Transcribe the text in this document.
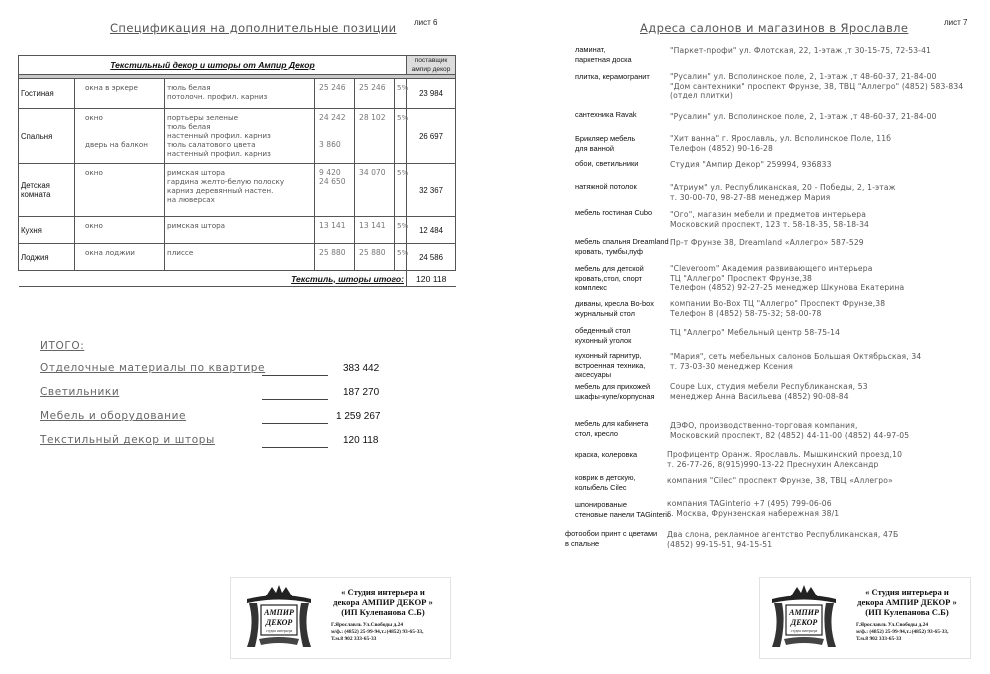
Спецификация на дополнительные позиции лист 6
Текстильный декор и шторы от Ампир Декор						поставщик
ампир декор

Гостиная	окна в эркере	тюль белая
потолочн. профил. карниз	25 246	25 246	5%	23 984
Спальня	окно

дверь на балкон	портьеры зеленые
тюль белая
настенный профил. карниз
тюль салатового цвета
настенный профил. карниз	24 242

3 860	28 102	5%	26 697
Детская комната	окно	римская штора
гардина желто-белую полоску
карниз деревянный настен.
на люверсах	9 420
24 650	34 070	5%	32 367
Кухня	окно	римская штора	13 141	13 141	5%	12 484
Лоджия	окна лоджии	плиссе	25 880	25 880	5%	24 586
Текстиль, шторы итого:						120 118
ИТОГО:
Отделочные материалы по квартире	383 442
Светильники	187 270
Мебель и оборудование	1 259 267
Текстильный декор и шторы	120 118
Адреса салонов и магазинов в Ярославле	лист 7
ламинат,
паркетная доска
"Паркет-профи" ул. Флотская, 22, 1-этаж ,т 30-15-75, 72-53-41
плитка, керамогранит	"Русалин" ул. Всполинское поле, 2, 1-этаж ,т 48-60-37, 21-84-00
"Дом сантехники" проспект Фрунзе, 38, ТВЦ "Аллегро" (4852) 583-834
(отдел плитки)
сантехника Ravak	"Русалин" ул. Всполинское поле, 2, 1-этаж ,т 48-60-37, 21-84-00
Брикляер мебель
для ванной
"Хит ванна" г. Ярославль, ул. Всполинское Поле, 11б
Телефон (4852) 90-16-28
обои, светильники	Студия "Ампир Декор" 259994, 936833
натяжной потолок	"Атриум" ул. Республиканская, 20 - Победы, 2, 1-этаж
т. 30-00-70, 98-27-88 менеджер Мария
мебель гостиная Cubo "Ого", магазин мебели и предметов интерьера
Московский проспект, 123 т. 58-18-35, 58-18-34
мебель спальня Dreamland
кровать, тумбы,пуф
Пр-т Фрунзе 38, Dreamland «Аллегро» 587-529
мебель для детской
кровать,стол, спорт
комплекс
"Cleveroom" Академия развивающего интерьера
ТЦ "Аллегро" Проспект Фрунзе,38
Телефон (4852) 92-27-25 менеджер Шкунова Екатерина
диваны, кресла Bo-box
журнальный стол
компании Bo-Box ТЦ "Аллегро" Проспект Фрунзе,38
Телефон 8 (4852) 58-75-32; 58-00-78
обеденный стол
кухонный уголок
ТЦ "Аллегро" Мебельный центр 58-75-14
кухонный гарнитур,
встроенная техника,
аксесуары
"Мария", сеть мебельных салонов Большая Октябрьская, 34
т. 73-03-30 менеджер Ксения
мебель для прихожей
шкафы-купе/корпусная
Coupe Lux, студия мебели Республиканская, 53
менеджер Анна Васильева (4852) 90-08-84
мебель для кабинета
стол, кресло
ДЭФО, производственно-торговая компания,
Московский проспект, 82 (4852) 44-11-00 (4852) 44-97-05
краска, колеровка	Профицентр Оранж. Ярославль. Мышкинский проезд,10
т. 26-77-26, 8(915)990-13-22 Преснухин Александр
коврик в детскую,
колыбель Cilec
компания "Cilec" проспект Фрунзе, 38, ТВЦ «Аллегро»
шпонированые
стеновые панели TAGinterio
компания TAGinterio +7 (495) 799-06-06
г. Москва, Фрунзенская набережная 38/1
фотообои принт с цветами
в спальне
Два слона, рекламное агентство Республиканская, 47Б
(4852) 99-15-51, 94-15-51
АМПИР
ДЕКОР
студия интерьера
« Студия интерьера и
декора АМПИР ДЕКОР »
(ИП Кулепанова С.Б)
Г.Ярославль Ул.Свободы д.24
м/ф.: (4852) 25-99-94,т.:(4852) 93-65-33,
Т.м.8 902 333-65-33
АМПИР
ДЕКОР
студия интерьера
« Студия интерьера и
декора АМПИР ДЕКОР »
(ИП Кулепанова С.Б)
Г.Ярославль Ул.Свободы д.24
м/ф.: (4852) 25-99-94,т.:(4852) 93-65-33,
Т.м.8 902 333-65-33
